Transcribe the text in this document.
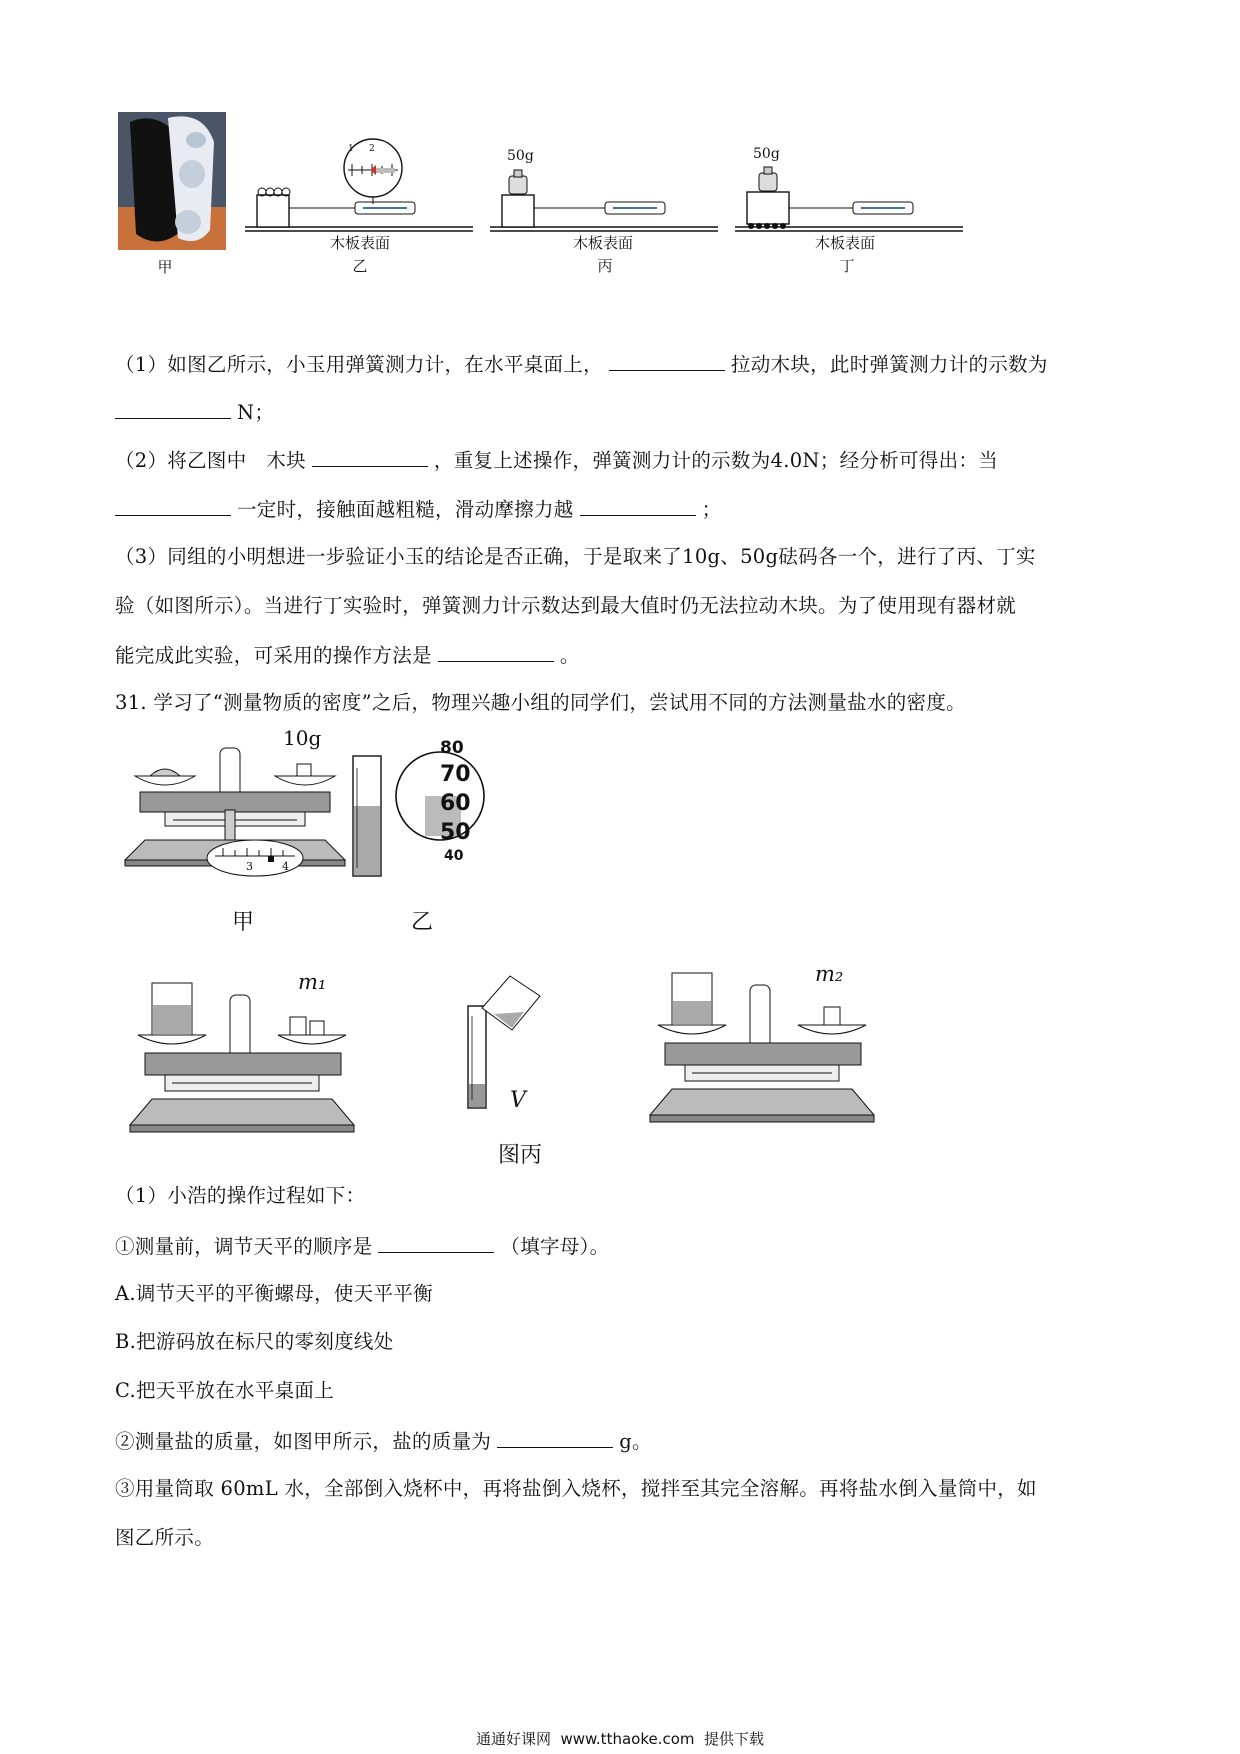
甲
1 2
木板表面
乙
50g
木板表面
丙
50g
木板表面
丁
（1）如图乙所示，小玉用弹簧测力计，在水平桌面上，	拉动木块，此时弹簧测力计的示数为
N；
（2）将乙图中　木块	，重复上述操作，弹簧测力计的示数为4.0N；经分析可得出：当
一定时，接触面越粗糙，滑动摩擦力越	；
（3）同组的小明想进一步验证小玉的结论是否正确，于是取来了10g、50g砝码各一个，进行了丙、丁实
验（如图所示）。当进行丁实验时，弹簧测力计示数达到最大值时仍无法拉动木块。为了使用现有器材就
能完成此实验，可采用的操作方法是	。
31. 学习了“测量物质的密度”之后，物理兴趣小组的同学们，尝试用不同的方法测量盐水的密度。
10g
3	4
甲
80
70
60
50
40
乙
m₁
V
图丙
m₂
（1）小浩的操作过程如下：
①测量前，调节天平的顺序是	（填字母）。
A.调节天平的平衡螺母，使天平平衡
B.把游码放在标尺的零刻度线处
C.把天平放在水平桌面上
②测量盐的质量，如图甲所示，盐的质量为	g。
③用量筒取 60mL 水，全部倒入烧杯中，再将盐倒入烧杯，搅拌至其完全溶解。再将盐水倒入量筒中，如
图乙所示。
通通好课网  www.tthaoke.com  提供下载
